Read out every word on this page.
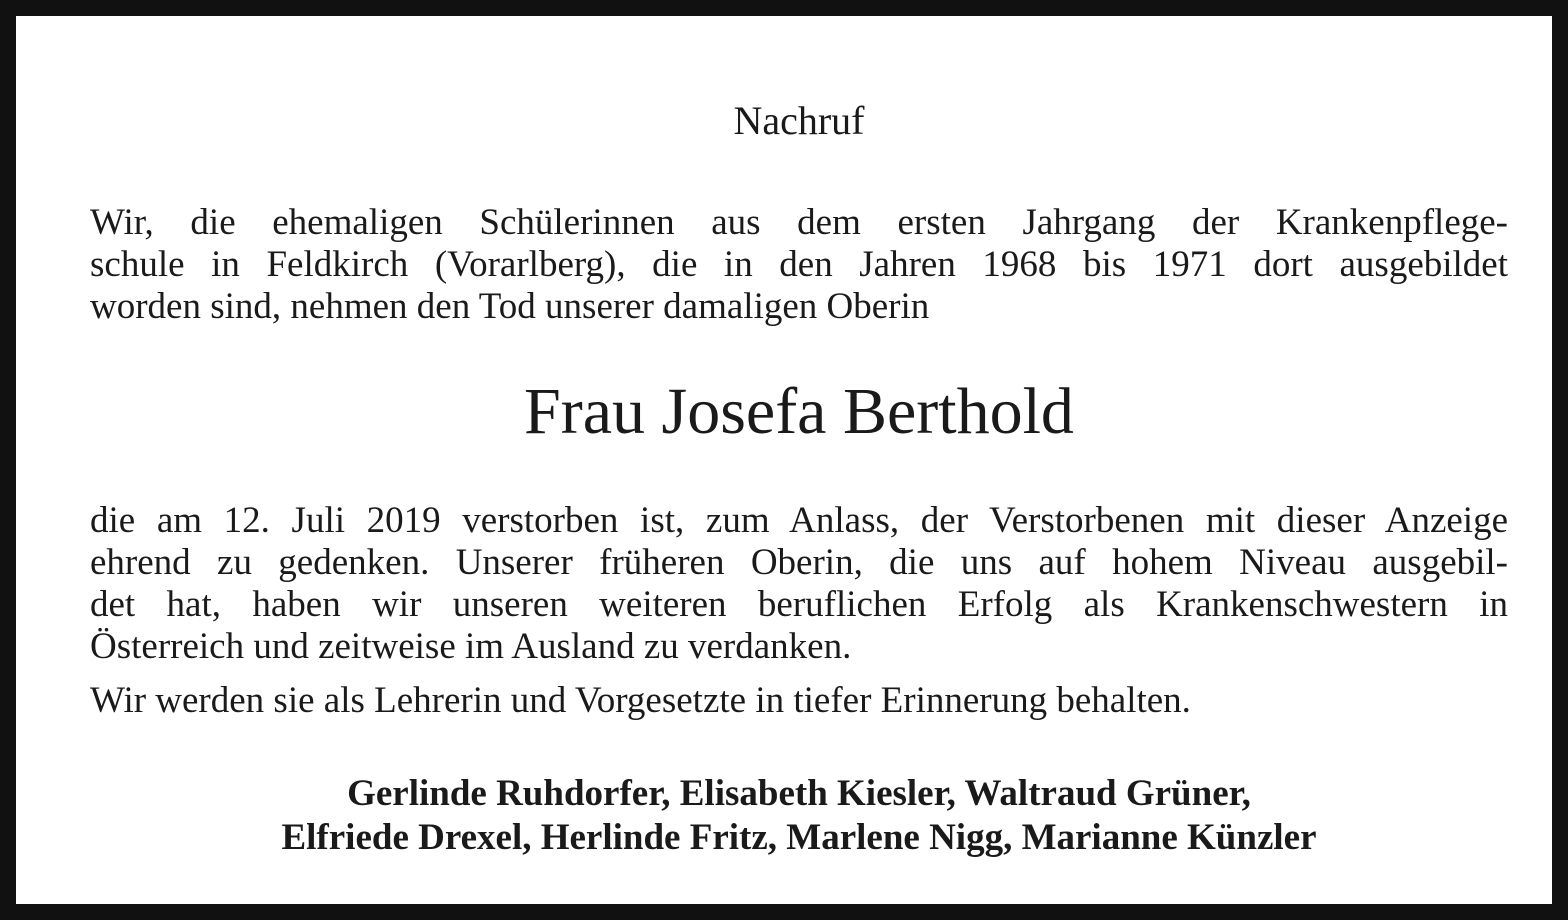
Nachruf
Wir, die ehemaligen Schülerinnen aus dem ersten Jahrgang der Krankenpflege-
schule in Feldkirch (Vorarlberg), die in den Jahren 1968 bis 1971 dort ausgebildet
worden sind, nehmen den Tod unserer damaligen Oberin
Frau Josefa Berthold
die am 12. Juli 2019 verstorben ist, zum Anlass, der Verstorbenen mit dieser Anzeige
ehrend zu gedenken. Unserer früheren Oberin, die uns auf hohem Niveau ausgebil-
det hat, haben wir unseren weiteren beruflichen Erfolg als Krankenschwestern in
Österreich und zeitweise im Ausland zu verdanken.
Wir werden sie als Lehrerin und Vorgesetzte in tiefer Erinnerung behalten.
Gerlinde Ruhdorfer, Elisabeth Kiesler, Waltraud Grüner,
Elfriede Drexel, Herlinde Fritz, Marlene Nigg, Marianne Künzler
